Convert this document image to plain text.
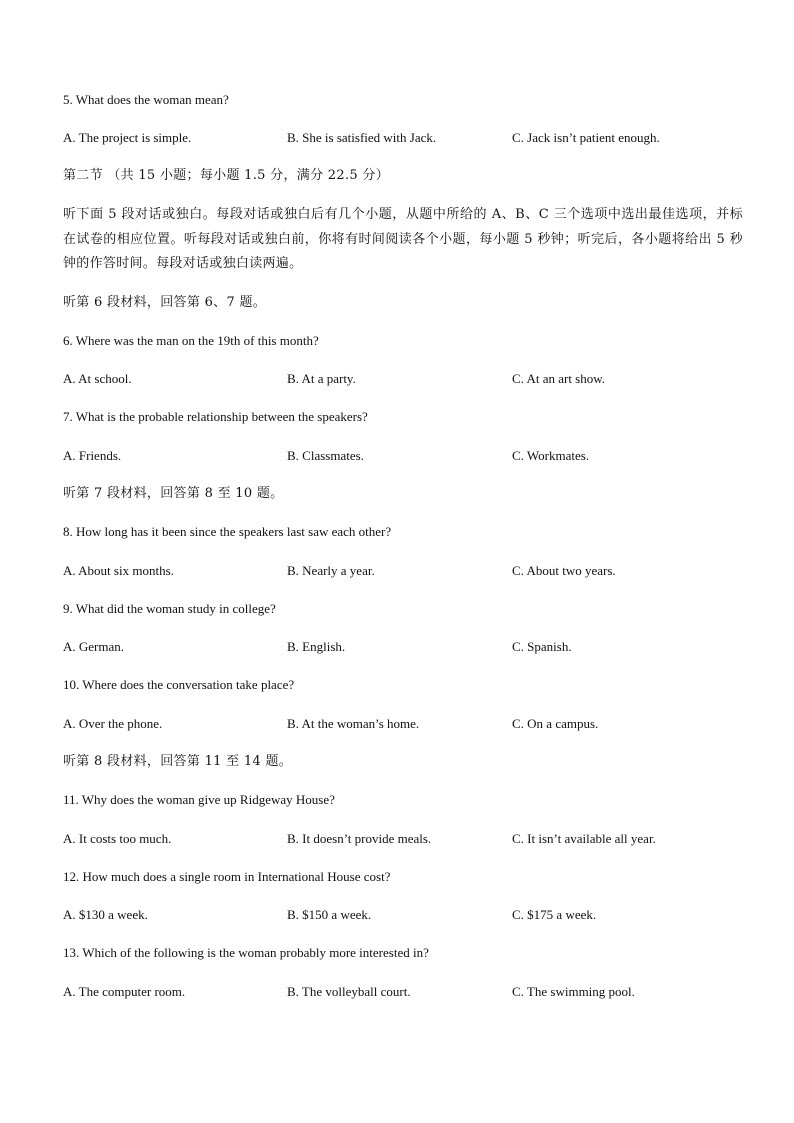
5. What does the woman mean?
A. The project is simple.	B. She is satisfied with Jack.	C. Jack isn’t patient enough.
第二节 （共 15 小题；每小题 1.5 分，满分 22.5 分）
听下面 5 段对话或独白。每段对话或独白后有几个小题，从题中所给的 A、B、C 三个选项中选出最佳选项，并标在试卷的相应位置。听每段对话或独白前，你将有时间阅读各个小题，每小题 5 秒钟；听完后，各小题将给出 5 秒钟的作答时间。每段对话或独白读两遍。
听第 6 段材料，回答第 6、7 题。
6. Where was the man on the 19th of this month?
A. At school.	B. At a party.	C. At an art show.
7. What is the probable relationship between the speakers?
A. Friends.	B. Classmates.	C. Workmates.
听第 7 段材料，回答第 8 至 10 题。
8. How long has it been since the speakers last saw each other?
A. About six months.	B. Nearly a year.	C. About two years.
9. What did the woman study in college?
A. German.	B. English.	C. Spanish.
10. Where does the conversation take place?
A. Over the phone.	B. At the woman’s home.	C. On a campus.
听第 8 段材料，回答第 11 至 14 题。
11. Why does the woman give up Ridgeway House?
A. It costs too much.	B. It doesn’t provide meals.	C. It isn’t available all year.
12. How much does a single room in International House cost?
A. $130 a week.	B. $150 a week.	C. $175 a week.
13. Which of the following is the woman probably more interested in?
A. The computer room.	B. The volleyball court.	C. The swimming pool.
